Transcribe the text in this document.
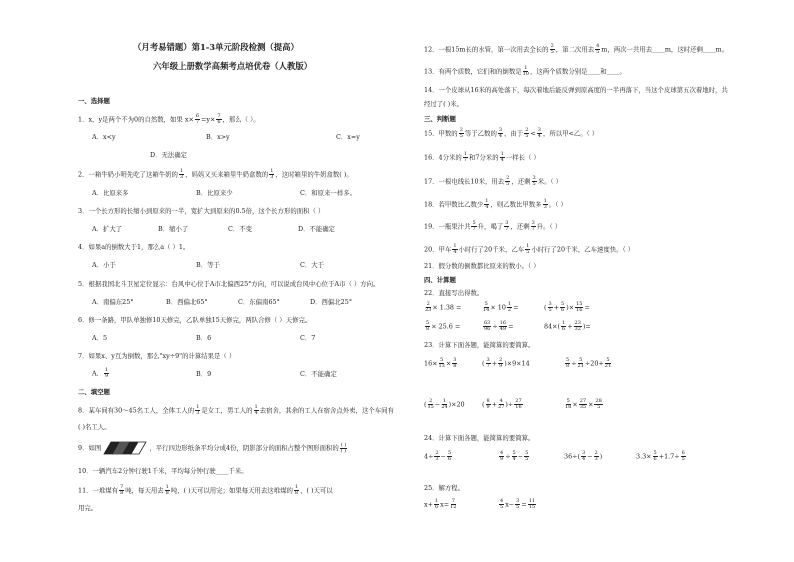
（月考易错题）第1-3单元阶段检测（提高）
六年级上册数学高频考点培优卷（人教版）
一、选择题
1．x，y是两个不为0的自然数，如果 $x\times \frac{6}{7} =y\times \frac{7}{6}$ ，那么（ ）。
A．x<y	B．x>y	C．x=y
D．无法确定
2．一箱牛奶小明先吃了这箱牛奶的 $\frac{1}{3}$ ，妈妈又买来箱里牛奶盒数的 $\frac{1}{3}$ ，这时箱里的牛奶盒数( )。
A．比原来多	B．比原来少	C．和原来一样多。
3．一个长方形的长缩小到原来的一半，宽扩大到原来的0.5倍，这个长方形的面积（ ）
A．扩大了	B．缩小了	C．不变	D．不能确定
4．如果a的倒数大于1，那么a（ ）1。
A．小于	B．等于	C．大于
5．根据我国北斗卫星定位显示：台风中心位于A市北偏西25°方向，可以说成台风中心位于A市（ ）方向。
A．南偏东25°	B．西偏北65°	C．东偏南65°	D．西偏北25°
6．修一条路，甲队单独修10天修完，乙队单独15天修完，两队合修（ ）天修完。
A．5	B．6	C．7
7．如果x、y互为倒数，那么"xy÷9"的计算结果是（ ）
A． $\frac{1}{9}$	B．9	C．不能确定
二、填空题
8．某车间有30～45名工人，全体工人的 $\frac{1}{3}$ 是女工，男工人的 $\frac{1}{4}$ 去宿舍，其余的工人在宿舍点外卖，这个车间有
( )名工人。
9．如图	，平行四边形纸条平均分成4份，阴影部分的面积占整个图形面积的 $\frac{( )}{( )}$
10．一辆汽车2分钟行驶1千米，平均每分钟行驶____千米。
11．一堆煤有 $\frac{7}{8}$ 吨，每天用去 $\frac{1}{8}$ 吨，( )天可以用完；如果每天用去这堆煤的 $\frac{1}{8}$ ，( )天可以
用完。
12．一根15m长的水管，第一次用去全长的 $\frac{2}{5}$ ，第二次用去 $\frac{4}{5}$ m，两次一共用去____m，这时还剩____m。
13．有两个质数，它们和的倒数是 $\frac{1}{10}$ ，这两个质数分别是____和____。
14．一个皮球从16米的高处落下，每次着地后能反弹到原高度的一半再落下，当这个皮球第五次着地时，共
经过了( )米。
三、判断题
15．甲数的 $\frac{2}{5}$ 等于乙数的 $\frac{3}{4}$ ，由于 $\frac{2}{5} < \frac{3}{4}$ ，所以甲<乙。（ ）
16．4分米的 $\frac{1}{7}$ 和7分米的 $\frac{1}{4}$ 一样长（ ）
17．一根电线长10米，用去 $\frac{2}{5}$ ，还剩 $\frac{3}{5}$ 米。（ ）
18．若甲数比乙数少 $\frac{1}{4}$ ，则乙数比甲数多 $\frac{1}{3}$ 。（ ）
19．一瓶果汁共 $\frac{5}{7}$ 升，喝了 $\frac{3}{7}$ ，还剩 $\frac{3}{7}$ 升。（ ）
20．甲车 $\frac{1}{4}$ 小时行了20千米，乙车 $\frac{1}{5}$ 小时行了20千米，乙车速度快。（ ）
21．假分数的倒数都比原来的数小。（ ）
四、计算题
22．直接写出得数。
$\frac{2}{23} \times 1.38$ =	$\frac{5}{14} \times 10 \frac{1}{2}$ =	( $\frac{3}{5} + \frac{5}{6}$ )× $\frac{15}{16}$ =
$\frac{5}{8} \times 25.6$ =	$\frac{63}{96} \div \frac{16}{49}$ =	$84\times( \frac{1}{6} + \frac{23}{32}$ )=
23．计算下面各题，能简算的要简算。
$16\times \frac{5}{13} \times \frac{3}{8}$	( $\frac{3}{7} + \frac{2}{9} )\times 9\times 14$	$\frac{5}{8} \div \frac{5}{21} \div 20+ \frac{5}{21}$
( $\frac{2}{15} - \frac{1}{24} )\times 20$	( $\frac{8}{9} + \frac{4}{27}$ )÷ $\frac{27}{16}$	$\frac{5}{18} \times \frac{27}{35} \times \frac{28}{5}$
24．计算下面各题，能简算的要简算。
$4\div \frac{2}{3} - \frac{5}{6}$	$\frac{4}{9} \div \frac{5}{4} - \frac{5}{5}$	$36\div( \frac{3}{4} - \frac{2}{3}$ )	$3.3\times \frac{5}{6} +1.7\div \frac{6}{5}$
25．解方程。
$x+ \frac{1}{6} x= \frac{7}{12}$	$\frac{4}{5} x- \frac{3}{5} = \frac{11}{15}$
